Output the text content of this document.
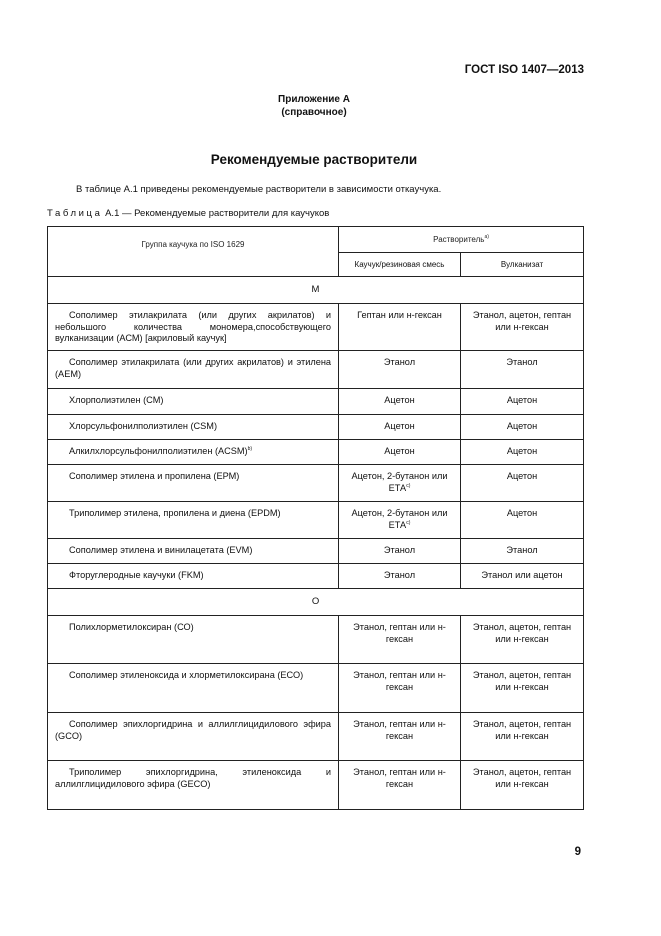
ГОСТ ISO 1407—2013
Приложение А
(справочное)
Рекомендуемые растворители
В таблице А.1 приведены рекомендуемые растворители в зависимости откаучука.
Таблица А.1 — Рекомендуемые растворители для каучуков
Группа каучука по ISO 1629	Растворитель$^{a)}$
	Каучук/резиновая смесь	Вулканизат
М		

Сополимер этилакрилата (или других акрилатов) и небольшого количества мономера,способствующего вулканизации (АСМ) [акриловый каучук]	Гептан или н-гексан	Этанол, ацетон, гептан или н-гексан

Сополимер этилакрилата (или других акрилатов) и этилена (АЕМ)	Этанол	Этанол

Хлорполиэтилен (СМ)	Ацетон	Ацетон

Хлорсульфонилполиэтилен (CSM)	Ацетон	Ацетон

Алкилхлорсульфонилполиэтилен (ACSM)$^{b)}$	Ацетон	Ацетон

Сополимер этилена и пропилена (ЕРМ)	Ацетон, 2-бутанон или ЕТА$^{c)}$	Ацетон

Триполимер этилена, пропилена и диена (EPDM)	Ацетон, 2-бутанон или ЕТА$^{c)}$	Ацетон

Сополимер этилена и винилацетата (EVM)	Этанол	Этанол

Фторуглеродные каучуки (FKM)	Этанол	Этанол или ацетон
О		

Полихлорметилоксиран (СО)	Этанол, гептан или н-гексан	Этанол, ацетон, гептан или н-гексан

Сополимер этиленоксида и хлорметилоксирана (ЕСО)	Этанол, гептан или н-гексан	Этанол, ацетон, гептан или н-гексан

Сополимер эпихлоргидрина и аллилглицидилового эфира (GCO)	Этанол, гептан или н-гексан	Этанол, ацетон, гептан или н-гексан

Триполимер эпихлоргидрина, этиленоксида и аллилглицидилового эфира (GECO)	Этанол, гептан или н-гексан	Этанол, ацетон, гептан или н-гексан
9
